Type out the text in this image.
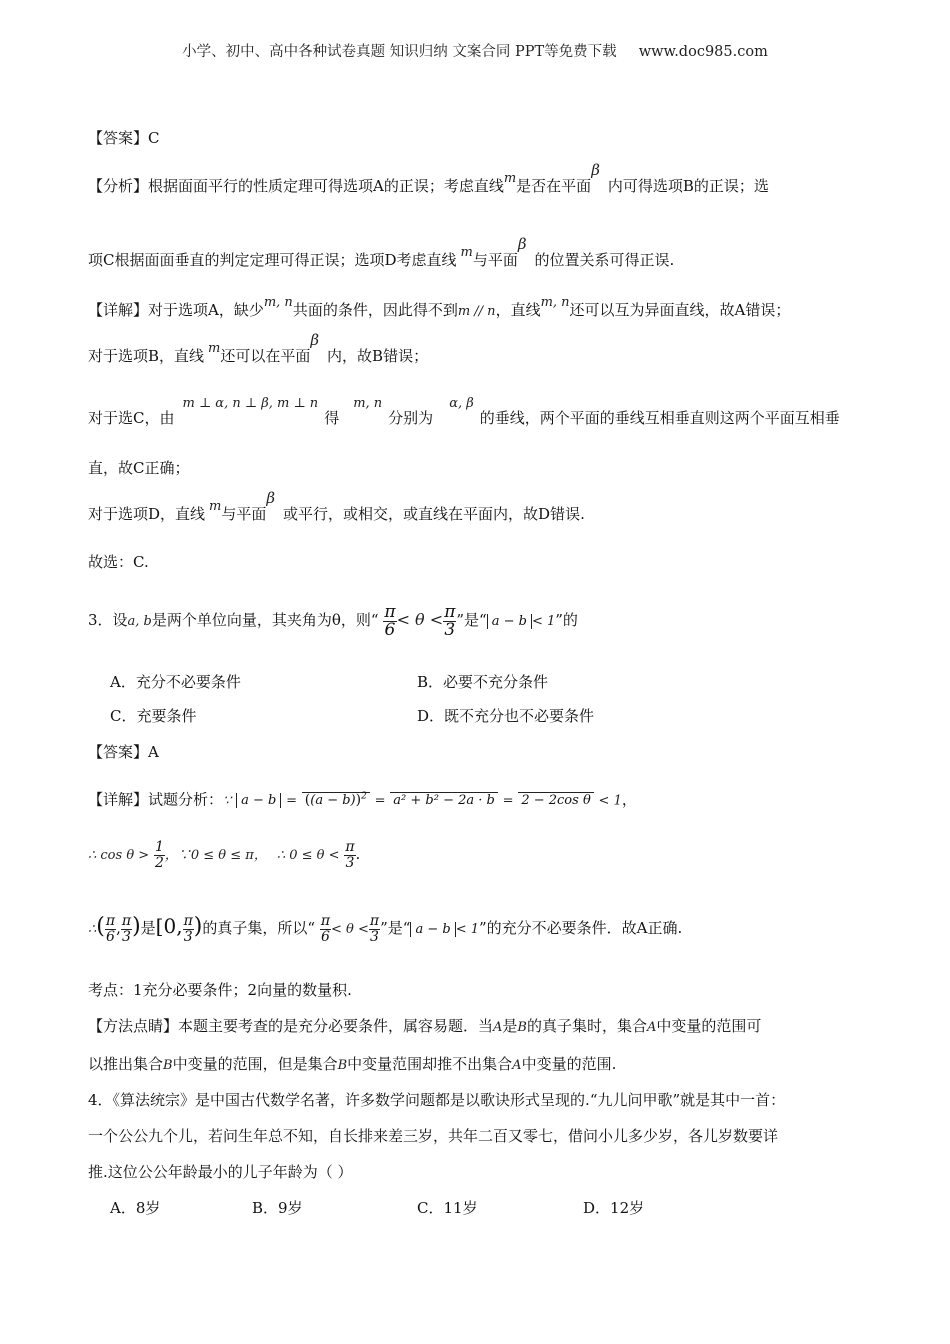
小学、初中、高中各种试卷真题 知识归纳 文案合同 PPT等免费下载 www.doc985.com
【答案】C
【分析】根据面面平行的性质定理可得选项A的正误；考虑直线m是否在平面β内可得选项B的正误；选
项C根据面面垂直的判定定理可得正误；选项D考虑直线 m与平面β的位置关系可得正误.
【详解】对于选项A，缺少m, n共面的条件，因此得不到m // n，直线m, n还可以互为异面直线，故A错误；
对于选项B，直线 m还可以在平面β内，故B错误；
对于选C，由m ⊥ α, n ⊥ β, m ⊥ n得m, n分别为α, β的垂线，两个平面的垂线互相垂直则这两个平面互相垂
直，故C正确；
对于选项D，直线 m与平面β或平行，或相交，或直线在平面内，故D错误.
故选：C.
3．设a, b是两个单位向量，其夹角为θ，则“ $\frac{\pi}{6} < \theta < \frac{\pi}{3}$ ”是“ a − b < 1”的
A．充分不必要条件	B．必要不充分条件
C．充要条件	D．既不充分也不必要条件
【答案】A
【详解】试题分析：∵ $a - b = ((a - b))^2 = a^2 + b^2 - 2a \cdot b = 2 - 2\cos$ θ < 1，
∴ $\cos \theta > \frac{1}{2}$ ，∵0 ≤ θ ≤ π， ∴ $0 \le \theta < \frac{\pi}{3}$ .
∴( $\frac{\pi}{6}$ , $\frac{\pi}{3}$ )是[0, $\frac{\pi}{3}$ )的真子集，所以“ $\frac{\pi}{6} < \theta < \frac{\pi}{3}$ ”是“ a − b < 1”的充分不必要条件．故A正确.
考点：1充分必要条件；2向量的数量积.
【方法点睛】本题主要考查的是充分必要条件，属容易题．当A是B的真子集时，集合A中变量的范围可
以推出集合B中变量的范围，但是集合B中变量范围却推不出集合A中变量的范围.
4．《算法统宗》是中国古代数学名著，许多数学问题都是以歌诀形式呈现的.“九儿问甲歌”就是其中一首：
一个公公九个儿，若问生年总不知，自长排来差三岁，共年二百又零七，借问小儿多少岁，各儿岁数要详
推.这位公公年龄最小的儿子年龄为（ ）
A．8岁	B．9岁	C．11岁	D．12岁
